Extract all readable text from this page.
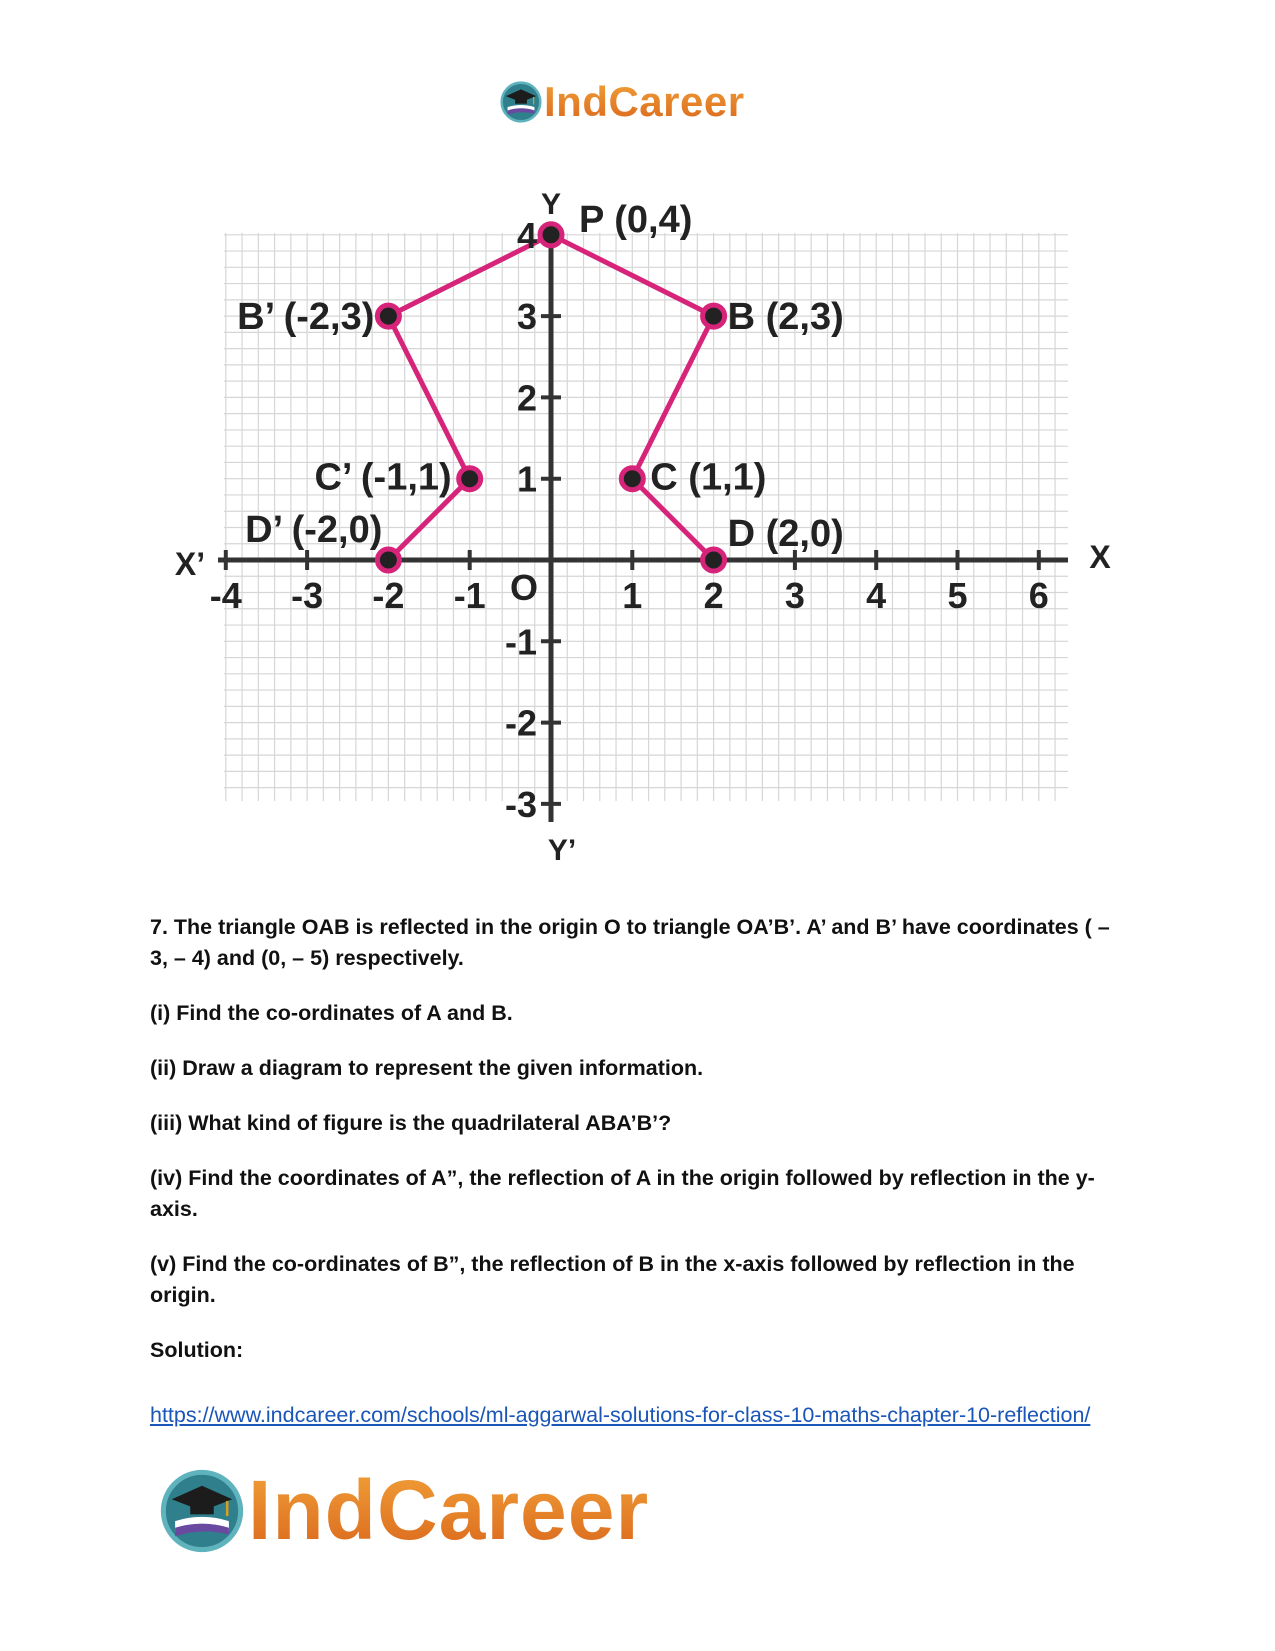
IndCareer
-4 -3 -2 -1	1 2 3 4 5 6
4
3
2
1
-1
-2
-3
X
X’
Y
Y’
O
P (0,4)
B (2,3)
C (1,1)
D (2,0)
B’ (-2,3)
C’ (-1,1)
D’ (-2,0)

7. The triangle OAB is reflected in the origin O to triangle OA’B’. A’ and B’ have coordinates ( – 3, – 4) and (0, – 5) respectively.

(i) Find the co-ordinates of A and B.

(ii) Draw a diagram to represent the given information.

(iii) What kind of figure is the quadrilateral ABA’B’?

(iv) Find the coordinates of A”, the reflection of A in the origin followed by reflection in the y-axis.

(v) Find the co-ordinates of B”, the reflection of B in the x-axis followed by reflection in the origin.

Solution:

https://www.indcareer.com/schools/ml-aggarwal-solutions-for-class-10-maths-chapter-10-reflection/
IndCareer
